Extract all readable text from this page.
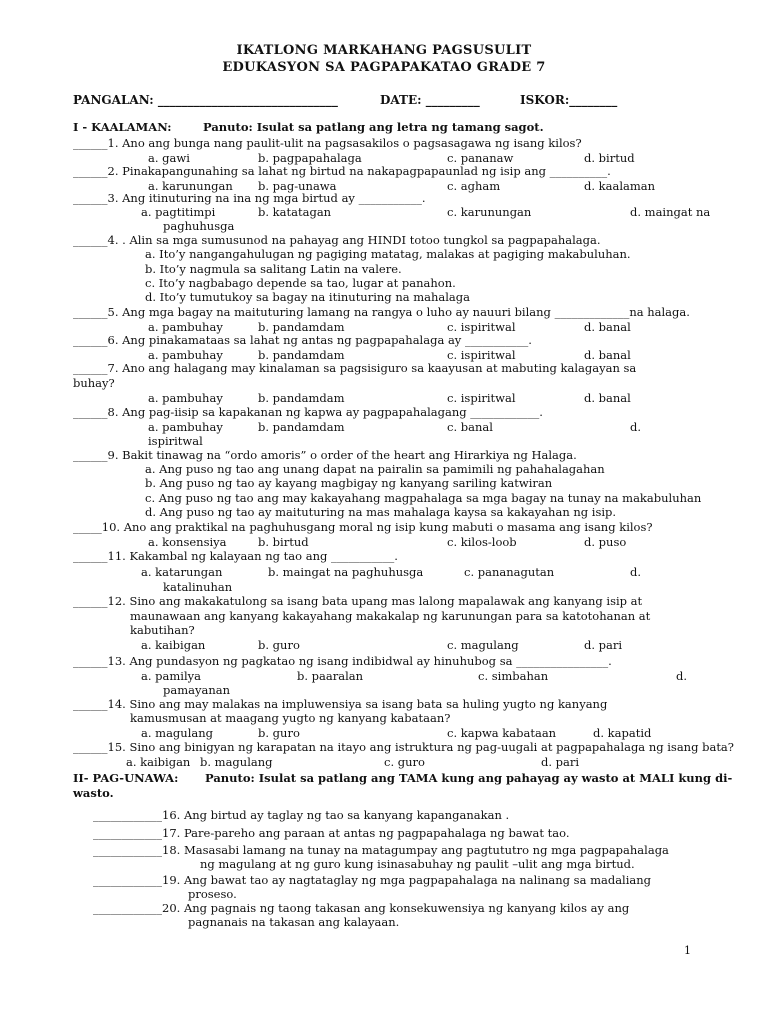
IKATLONG MARKAHANG PAGSUSULIT
EDUKASYON SA PAGPAPAKATAO GRADE 7
PANGALAN: ______________________________	DATE: _________	ISKOR:________
I - KAALAMAN:	Panuto: Isulat sa patlang ang letra ng tamang sagot.
______1. Ano ang bunga nang paulit-ulit na pagsasakilos o pagsasagawa ng isang kilos?
a. gawi	b. pagpapahalaga	c. pananaw	d. birtud
______2. Pinakapangunahing sa lahat ng birtud na nakapagpapaunlad ng isip ang __________.
a. karunungan b. pag-unawa	c. agham	d. kaalaman
______3. Ang itinuturing na ina ng mga birtud ay ___________.
a. pagtitimpi	b. katatagan	c. karunungan	d. maingat na
paghuhusga
______4. . Alin sa mga sumusunod na pahayag ang HINDI totoo tungkol sa pagpapahalaga.
a. Ito’y nangangahulugan ng pagiging matatag, malakas at pagiging makabuluhan.
b. Ito’y nagmula sa salitang Latin na valere.
c. Ito’y nagbabago depende sa tao, lugar at panahon.
d. Ito’y tumutukoy sa bagay na itinuturing na mahalaga
______5. Ang mga bagay na maituturing lamang na rangya o luho ay nauuri bilang _____________na halaga.
a. pambuhay	b. pandamdam	c. ispiritwal	d. banal
______6. Ang pinakamataas sa lahat ng antas ng pagpapahalaga ay ___________.
a. pambuhay	b. pandamdam	c. ispiritwal	d. banal
______7. Ano ang halagang may kinalaman sa pagsisiguro sa kaayusan at mabuting kalagayan sa
buhay?
a. pambuhay	b. pandamdam	c. ispiritwal	d. banal
______8. Ang pag-iisip sa kapakanan ng kapwa ay pagpapahalagang ____________.
a. pambuhay	b. pandamdam	c. banal	d.
ispiritwal
______9. Bakit tinawag na “ordo amoris” o order of the heart ang Hirarkiya ng Halaga.
a. Ang puso ng tao ang unang dapat na pairalin sa pamimili ng pahahalagahan
b. Ang puso ng tao ay kayang magbigay ng kanyang sariling katwiran
c. Ang puso ng tao ang may kakayahang magpahalaga sa mga bagay na tunay na makabuluhan
d. Ang puso ng tao ay maituturing na mas mahalaga kaysa sa kakayahan ng isip.
_____10. Ano ang praktikal na paghuhusgang moral ng isip kung mabuti o masama ang isang kilos?
a. konsensiya	b. birtud	c. kilos-loob	d. puso
______11. Kakambal ng kalayaan ng tao ang ___________.
a. katarungan	b. maingat na paghuhusga	c. pananagutan	d.
katalinuhan
______12. Sino ang makakatulong sa isang bata upang mas lalong mapalawak ang kanyang isip at
maunawaan ang kanyang kakayahang makakalap ng karunungan para sa katotohanan at
kabutihan?
a. kaibigan	b. guro	c. magulang	d. pari
______13. Ang pundasyon ng pagkatao ng isang indibidwal ay hinuhubog sa ________________.
a. pamilya	b. paaralan	c. simbahan	d.
pamayanan
______14. Sino ang may malakas na impluwensiya sa isang bata sa huling yugto ng kanyang
kamusmusan at maagang yugto ng kanyang kabataan?
a. magulang	b. guro	c. kapwa kabataan	d. kapatid
______15. Sino ang binigyan ng karapatan na itayo ang istruktura ng pag-uugali at pagpapahalaga ng isang bata?
a. kaibigan b. magulang	c. guro	d. pari
II- PAG-UNAWA: Panuto: Isulat sa patlang ang TAMA kung ang pahayag ay wasto at MALI kung di-
wasto.
____________16. Ang birtud ay taglay ng tao sa kanyang kapanganakan .
____________17. Pare-pareho ang paraan at antas ng pagpapahalaga ng bawat tao.
____________18. Masasabi lamang na tunay na matagumpay ang pagtututro ng mga pagpapahalaga
ng magulang at ng guro kung isinasabuhay ng paulit –ulit ang mga birtud.
____________19. Ang bawat tao ay nagtataglay ng mga pagpapahalaga na nalinang sa madaliang
proseso.
____________20. Ang pagnais ng taong takasan ang konsekuwensiya ng kanyang kilos ay ang
pagnanais na takasan ang kalayaan.
1
